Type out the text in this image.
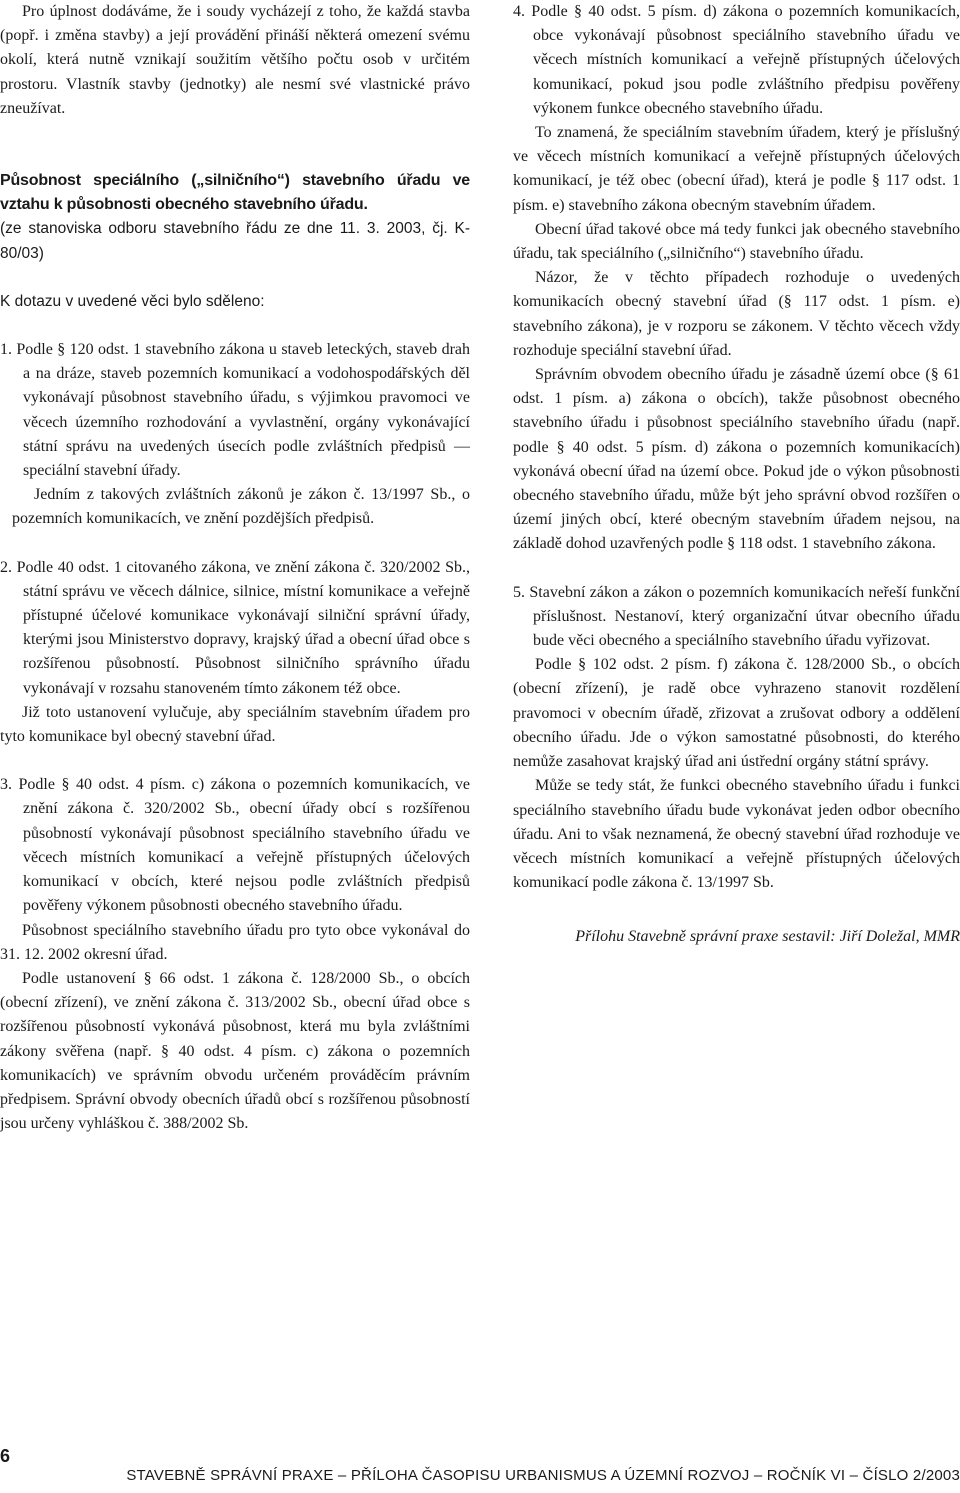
Pro úplnost dodáváme, že i soudy vycházejí z toho, že každá stavba (popř. i změna stavby) a její provádění přináší některá omezení svému okolí, která nutně vznikají soužitím většího počtu osob v určitém prostoru. Vlastník stavby (jednotky) ale nesmí své vlastnické právo zneužívat.

Působnost speciálního („silničního“) stavebního úřadu ve vztahu k působnosti obecného stavebního úřadu.

(ze stanoviska odboru stavebního řádu ze dne 11. 3. 2003, čj. K-80/03)

K dotazu v uvedené věci bylo sděleno:

1. Podle § 120 odst. 1 stavebního zákona u staveb leteckých, staveb drah a na dráze, staveb pozemních komunikací a vodohospodářských děl vykonávají působnost stavebního úřadu, s výjimkou pravomoci ve věcech územního rozhodování a vyvlastnění, orgány vykonávající státní správu na uvedených úsecích podle zvláštních předpisů — speciální stavební úřady.

Jedním z takových zvláštních zákonů je zákon č. 13/1997 Sb., o pozemních komunikacích, ve znění pozdějších předpisů.

2. Podle 40 odst. 1 citovaného zákona, ve znění zákona č. 320/2002 Sb., státní správu ve věcech dálnice, silnice, místní komunikace a veřejně přístupné účelové komunikace vykonávají silniční správní úřady, kterými jsou Ministerstvo dopravy, krajský úřad a obecní úřad obce s rozšířenou působností. Působnost silničního správního úřadu vykonávají v rozsahu stanoveném tímto zákonem též obce.

Již toto ustanovení vylučuje, aby speciálním stavebním úřadem pro tyto komunikace byl obecný stavební úřad.

3. Podle § 40 odst. 4 písm. c) zákona o pozemních komunikacích, ve znění zákona č. 320/2002 Sb., obecní úřady obcí s rozšířenou působností vykonávají působnost speciálního stavebního úřadu ve věcech místních komunikací a veřejně přístupných účelových komunikací v obcích, které nejsou podle zvláštních předpisů pověřeny výkonem působnosti obecného stavebního úřadu.

Působnost speciálního stavebního úřadu pro tyto obce vykonával do 31. 12. 2002 okresní úřad.

Podle ustanovení § 66 odst. 1 zákona č. 128/2000 Sb., o obcích (obecní zřízení), ve znění zákona č. 313/2002 Sb., obecní úřad obce s rozšířenou působností vykonává působnost, která mu byla zvláštními zákony svěřena (např. § 40 odst. 4 písm. c) zákona o pozemních komunikacích) ve správním obvodu určeném prováděcím právním předpisem. Správní obvody obecních úřadů obcí s rozšířenou působností jsou určeny vyhláškou č. 388/2002 Sb.

4. Podle § 40 odst. 5 písm. d) zákona o pozemních komunikacích, obce vykonávají působnost speciálního stavebního úřadu ve věcech místních komunikací a veřejně přístupných účelových komunikací, pokud jsou podle zvláštního předpisu pověřeny výkonem funkce obecného stavebního úřadu.

To znamená, že speciálním stavebním úřadem, který je příslušný ve věcech místních komunikací a veřejně přístupných účelových komunikací, je též obec (obecní úřad), která je podle § 117 odst. 1 písm. e) stavebního zákona obecným stavebním úřadem.

Obecní úřad takové obce má tedy funkci jak obecného stavebního úřadu, tak speciálního („silničního“) stavebního úřadu.

Názor, že v těchto případech rozhoduje o uvedených komunikacích obecný stavební úřad (§ 117 odst. 1 písm. e) stavebního zákona), je v rozporu se zákonem. V těchto věcech vždy rozhoduje speciální stavební úřad.

Správním obvodem obecního úřadu je zásadně území obce (§ 61 odst. 1 písm. a) zákona o obcích), takže působnost obecného stavebního úřadu i působnost speciálního stavebního úřadu (např. podle § 40 odst. 5 písm. d) zákona o pozemních komunikacích) vykonává obecní úřad na území obce. Pokud jde o výkon působnosti obecného stavebního úřadu, může být jeho správní obvod rozšířen o území jiných obcí, které obecným stavebním úřadem nejsou, na základě dohod uzavřených podle § 118 odst. 1 stavebního zákona.

5. Stavební zákon a zákon o pozemních komunikacích neřeší funkční příslušnost. Nestanoví, který organizační útvar obecního úřadu bude věci obecného a speciálního stavebního úřadu vyřizovat.

Podle § 102 odst. 2 písm. f) zákona č. 128/2000 Sb., o obcích (obecní zřízení), je radě obce vyhrazeno stanovit rozdělení pravomoci v obecním úřadě, zřizovat a zrušovat odbory a oddělení obecního úřadu. Jde o výkon samostatné působnosti, do kterého nemůže zasahovat krajský úřad ani ústřední orgány státní správy.

Může se tedy stát, že funkci obecného stavebního úřadu i funkci speciálního stavebního úřadu bude vykonávat jeden odbor obecního úřadu. Ani to však neznamená, že obecný stavební úřad rozhoduje ve věcech místních komunikací a veřejně přístupných účelových komunikací podle zákona č. 13/1997 Sb.

Přílohu Stavebně správní praxe sestavil: Jiří Doležal, MMR

6
STAVEBNĚ SPRÁVNÍ PRAXE – PŘÍLOHA ČASOPISU URBANISMUS A ÚZEMNÍ ROZVOJ – ROČNÍK VI – ČÍSLO 2/2003
